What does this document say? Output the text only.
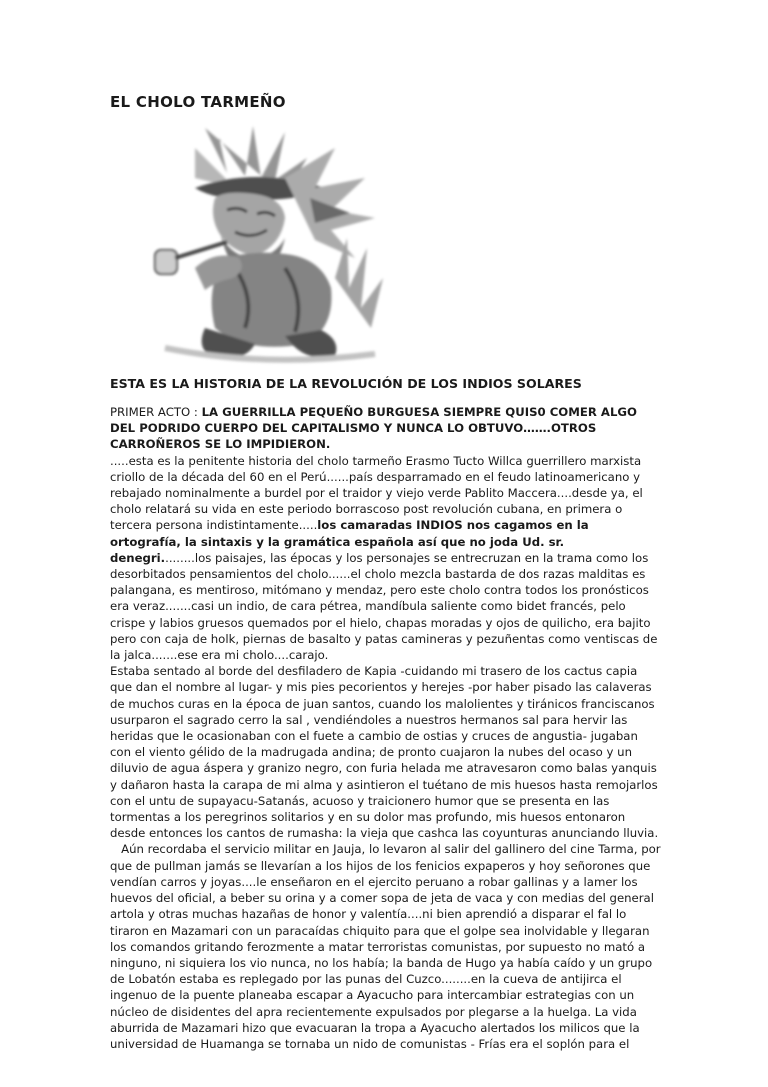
EL CHOLO TARMEÑO
ESTA ES LA HISTORIA DE LA REVOLUCIÓN DE LOS INDIOS SOLARES

PRIMER ACTO : LA GUERRILLA PEQUEÑO BURGUESA SIEMPRE QUIS0 COMER ALGO DEL PODRIDO CUERPO DEL CAPITALISMO Y NUNCA LO OBTUVO…….OTROS CARROÑEROS SE LO IMPIDIERON.

.....esta es la penitente historia del cholo tarmeño Erasmo Tucto Willca guerrillero marxista criollo de la década del 60 en el Perú......país desparramado en el feudo latinoamericano y rebajado nominalmente a burdel por el traidor y viejo verde Pablito Maccera....desde ya, el cholo relatará su vida en este periodo borrascoso post revolución cubana, en primera o tercera persona indistintamente.....los camaradas INDIOS nos cagamos en la ortografía, la sintaxis y la gramática española así que no joda Ud. sr. denegri.........los paisajes, las épocas y los personajes se entrecruzan en la trama como los desorbitados pensamientos del cholo......el cholo mezcla bastarda de dos razas malditas es palangana, es mentiroso, mitómano y mendaz, pero este cholo contra todos los pronósticos era veraz.......casi un indio, de cara pétrea, mandíbula saliente como bidet francés, pelo crispe y labios gruesos quemados por el hielo, chapas moradas y ojos de quilicho, era bajito pero con caja de holk, piernas de basalto y patas camineras y pezuñentas como ventiscas de la jalca.......ese era mi cholo....carajo.

Estaba sentado al borde del desfiladero de Kapia -cuidando mi trasero de los cactus capia que dan el nombre al lugar- y mis pies pecorientos y herejes -por haber pisado las calaveras de muchos curas en la época de juan santos, cuando los malolientes y tiránicos franciscanos usurparon el sagrado cerro la sal , vendiéndoles a nuestros hermanos sal para hervir las heridas que le ocasionaban con el fuete a cambio de ostias y cruces de angustia- jugaban con el viento gélido de la madrugada andina; de pronto cuajaron la nubes del ocaso y un diluvio de agua áspera y granizo negro, con furia helada me atravesaron como balas yanquis y dañaron hasta la carapa de mi alma y asintieron el tuétano de mis huesos hasta remojarlos con el untu de supayacu-Satanás, acuoso y traicionero humor que se presenta en las tormentas a los peregrinos solitarios y en su dolor mas profundo, mis huesos entonaron desde entonces los cantos de rumasha: la vieja que cashca las coyunturas anunciando lluvia.

Aún recordaba el servicio militar en Jauja, lo levaron al salir del gallinero del cine Tarma, por que de pullman jamás se llevarían a los hijos de los fenicios expaperos y hoy señorones que vendían carros y joyas....le enseñaron en el ejercito peruano a robar gallinas y a lamer los huevos del oficial, a beber su orina y a comer sopa de jeta de vaca y con medias del general artola y otras muchas hazañas de honor y valentía....ni bien aprendió a disparar el fal lo tiraron en Mazamari con un paracaídas chiquito para que el golpe sea inolvidable y llegaran los comandos gritando ferozmente a matar terroristas comunistas, por supuesto no mató a ninguno, ni siquiera los vio nunca, no los había; la banda de Hugo ya había caído y un grupo de Lobatón estaba es replegado por las punas del Cuzco........en la cueva de antijirca el ingenuo de la puente planeaba escapar a Ayacucho para intercambiar estrategias con un núcleo de disidentes del apra recientemente expulsados por plegarse a la huelga. La vida aburrida de Mazamari hizo que evacuaran la tropa a Ayacucho alertados los milicos que la universidad de Huamanga se tornaba un nido de comunistas - Frías era el soplón para el
